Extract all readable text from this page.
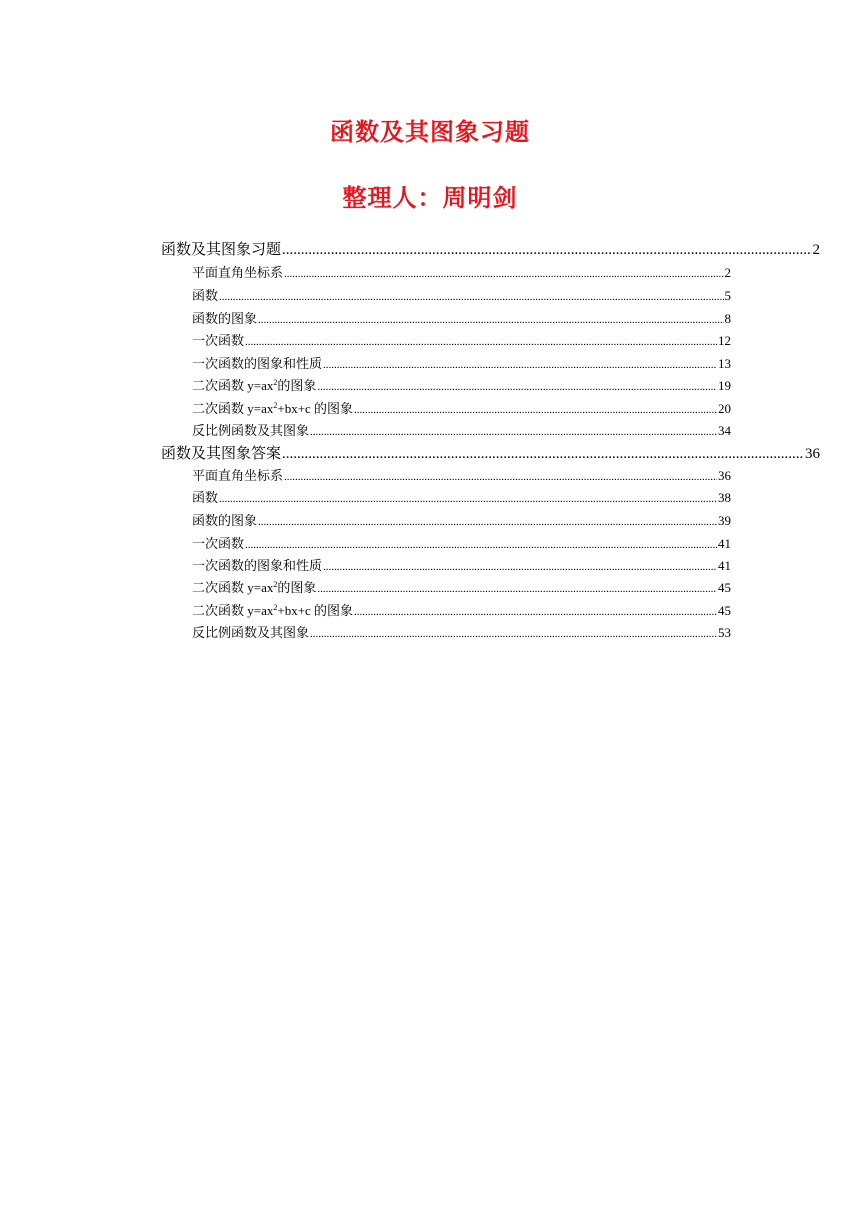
函数及其图象习题
整理人：周明剑
函数及其图象习题 .....	2
平面直角坐标系 .....	2
函数 .....	5
函数的图象 .....	8
一次函数 .....	12
一次函数的图象和性质 .....	13
二次函数 $y=ax^2$的图象 .....	19
二次函数 $y=ax^2+bx+c$ 的图象 .....	20
反比例函数及其图象 .....	34
函数及其图象答案 .....	36
平面直角坐标系 .....	36
函数 .....	38
函数的图象 .....	39
一次函数 .....	41
一次函数的图象和性质 .....	41
二次函数 $y=ax^2$的图象 .....	45
二次函数 $y=ax^2+bx+c$ 的图象 .....	45
反比例函数及其图象 .....	53
